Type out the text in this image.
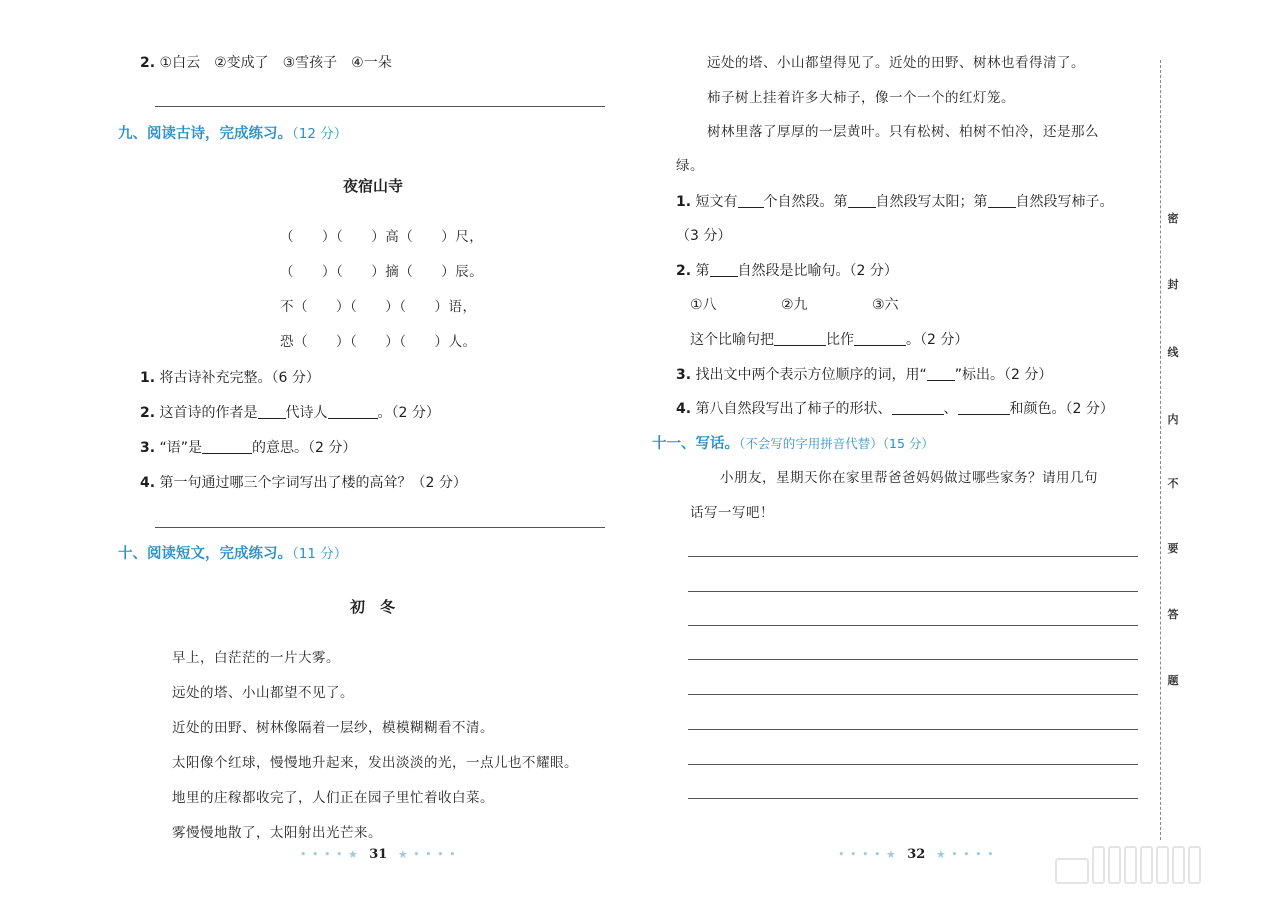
2. ①白云　②变成了　③雪孩子　④一朵
九、阅读古诗，完成练习。（12 分）
夜宿山寺
（　　）（　　）高（　　）尺，
（　　）（　　）摘（　　）辰。
不（　　）（　　）（　　）语，
恐（　　）（　　）（　　）人。
1. 将古诗补充完整。（6 分）
2. 这首诗的作者是 代诗人	。（2 分）
3. “语”是	的意思。（2 分）
4. 第一句通过哪三个字词写出了楼的高耸？（2 分）
十、阅读短文，完成练习。（11 分）
初　冬
早上，白茫茫的一片大雾。
远处的塔、小山都望不见了。
近处的田野、树林像隔着一层纱，模模糊糊看不清。
太阳像个红球，慢慢地升起来，发出淡淡的光，一点儿也不耀眼。
地里的庄稼都收完了，人们正在园子里忙着收白菜。
雾慢慢地散了，太阳射出光芒来。
• • • • ★ 31 ★ • • • •
远处的塔、小山都望得见了。近处的田野、树林也看得清了。
柿子树上挂着许多大柿子，像一个一个的红灯笼。
树林里落了厚厚的一层黄叶。只有松树、柏树不怕冷，还是那么
绿。
1. 短文有 个自然段。第 自然段写太阳；第 自然段写柿子。
（3 分）
2. 第 自然段是比喻句。（2 分）
①八	②九	③六
这个比喻句把	比作	。（2 分）
3. 找出文中两个表示方位顺序的词，用“ ”标出。（2 分）
4. 第八自然段写出了柿子的形状、	、	和颜色。（2 分）
十一、写话。（不会写的字用拼音代替）（15 分）
小朋友，星期天你在家里帮爸爸妈妈做过哪些家务？请用几句
话写一写吧！
• • • • ★ 32 ★ • • • •
密
封
线
内
不
要
答
题
